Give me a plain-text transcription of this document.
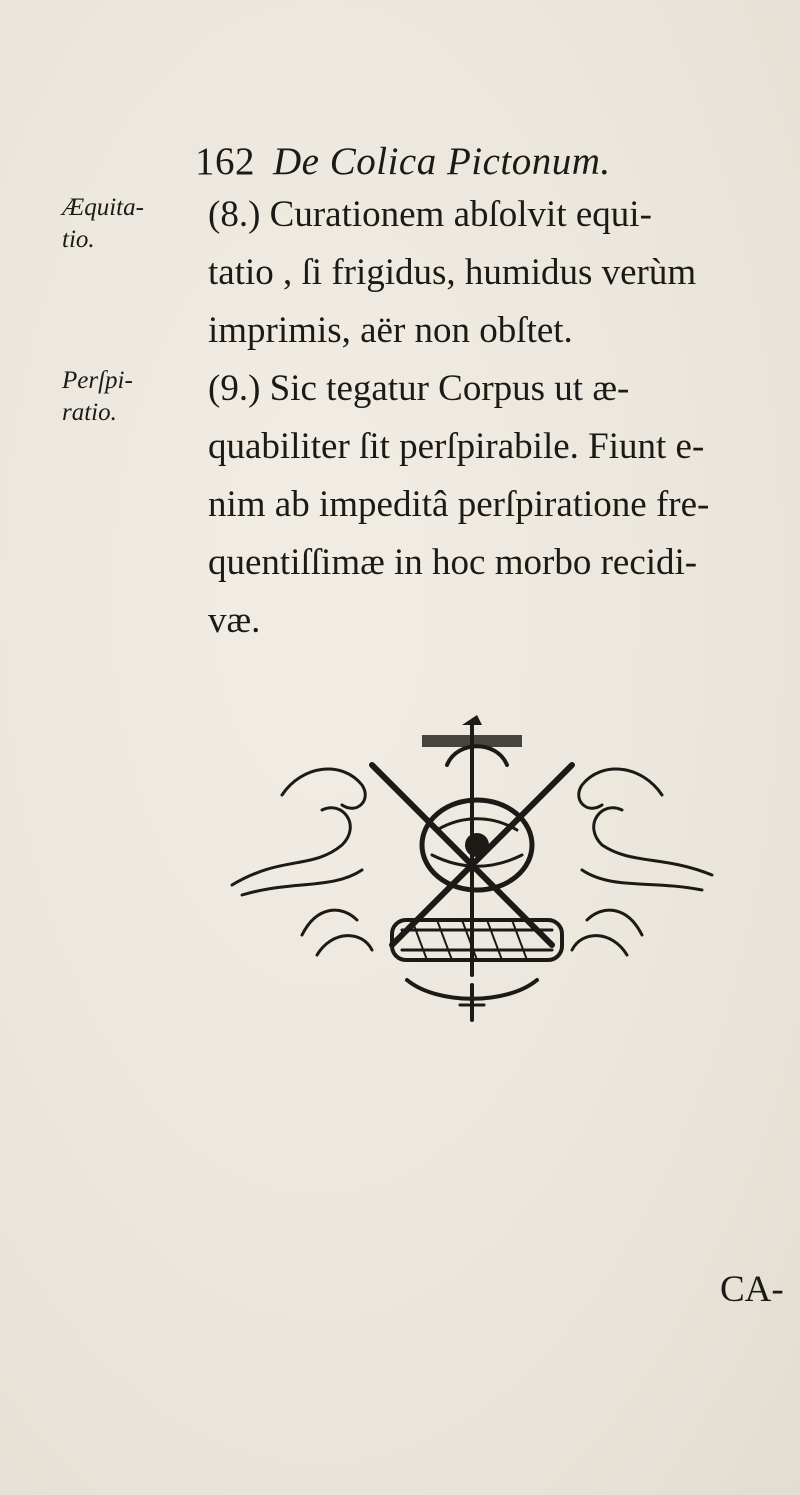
162 De Colica Pictonum.
Æquita-
tio.
Perſpi-
ratio.

(8.) Curationem abſolvit equi-

tatio , ſi frigidus, humidus verùm

imprimis, aër non obſtet.

(9.) Sic tegatur Corpus ut æ-

quabiliter ſit perſpirabile. Fiunt e-

nim ab impeditâ perſpiratione fre-

quentiſſimæ in hoc morbo recidi-

væ.

CA-
